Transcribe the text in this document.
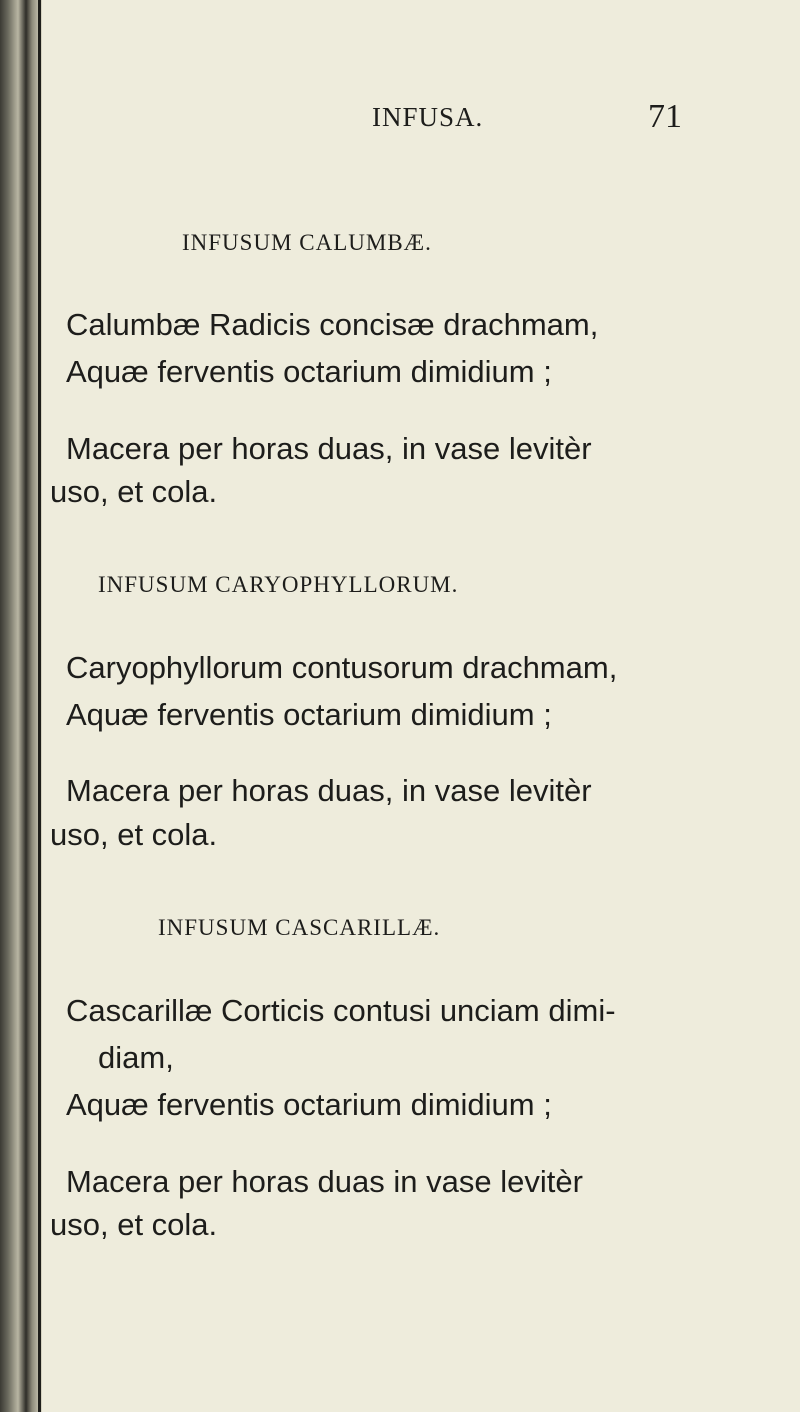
INFUSA.	71
INFUSUM CALUMBÆ.
Calumbæ Radicis concisæ drachmam,
Aquæ ferventis octarium dimidium ;
Macera per horas duas, in vase levitèr
uso, et cola.
INFUSUM CARYOPHYLLORUM.
Caryophyllorum contusorum drachmam,
Aquæ ferventis octarium dimidium ;
Macera per horas duas, in vase levitèr
uso, et cola.
INFUSUM CASCARILLÆ.
Cascarillæ Corticis contusi unciam dimi-
diam,
Aquæ ferventis octarium dimidium ;
Macera per horas duas in vase levitèr
uso, et cola.
